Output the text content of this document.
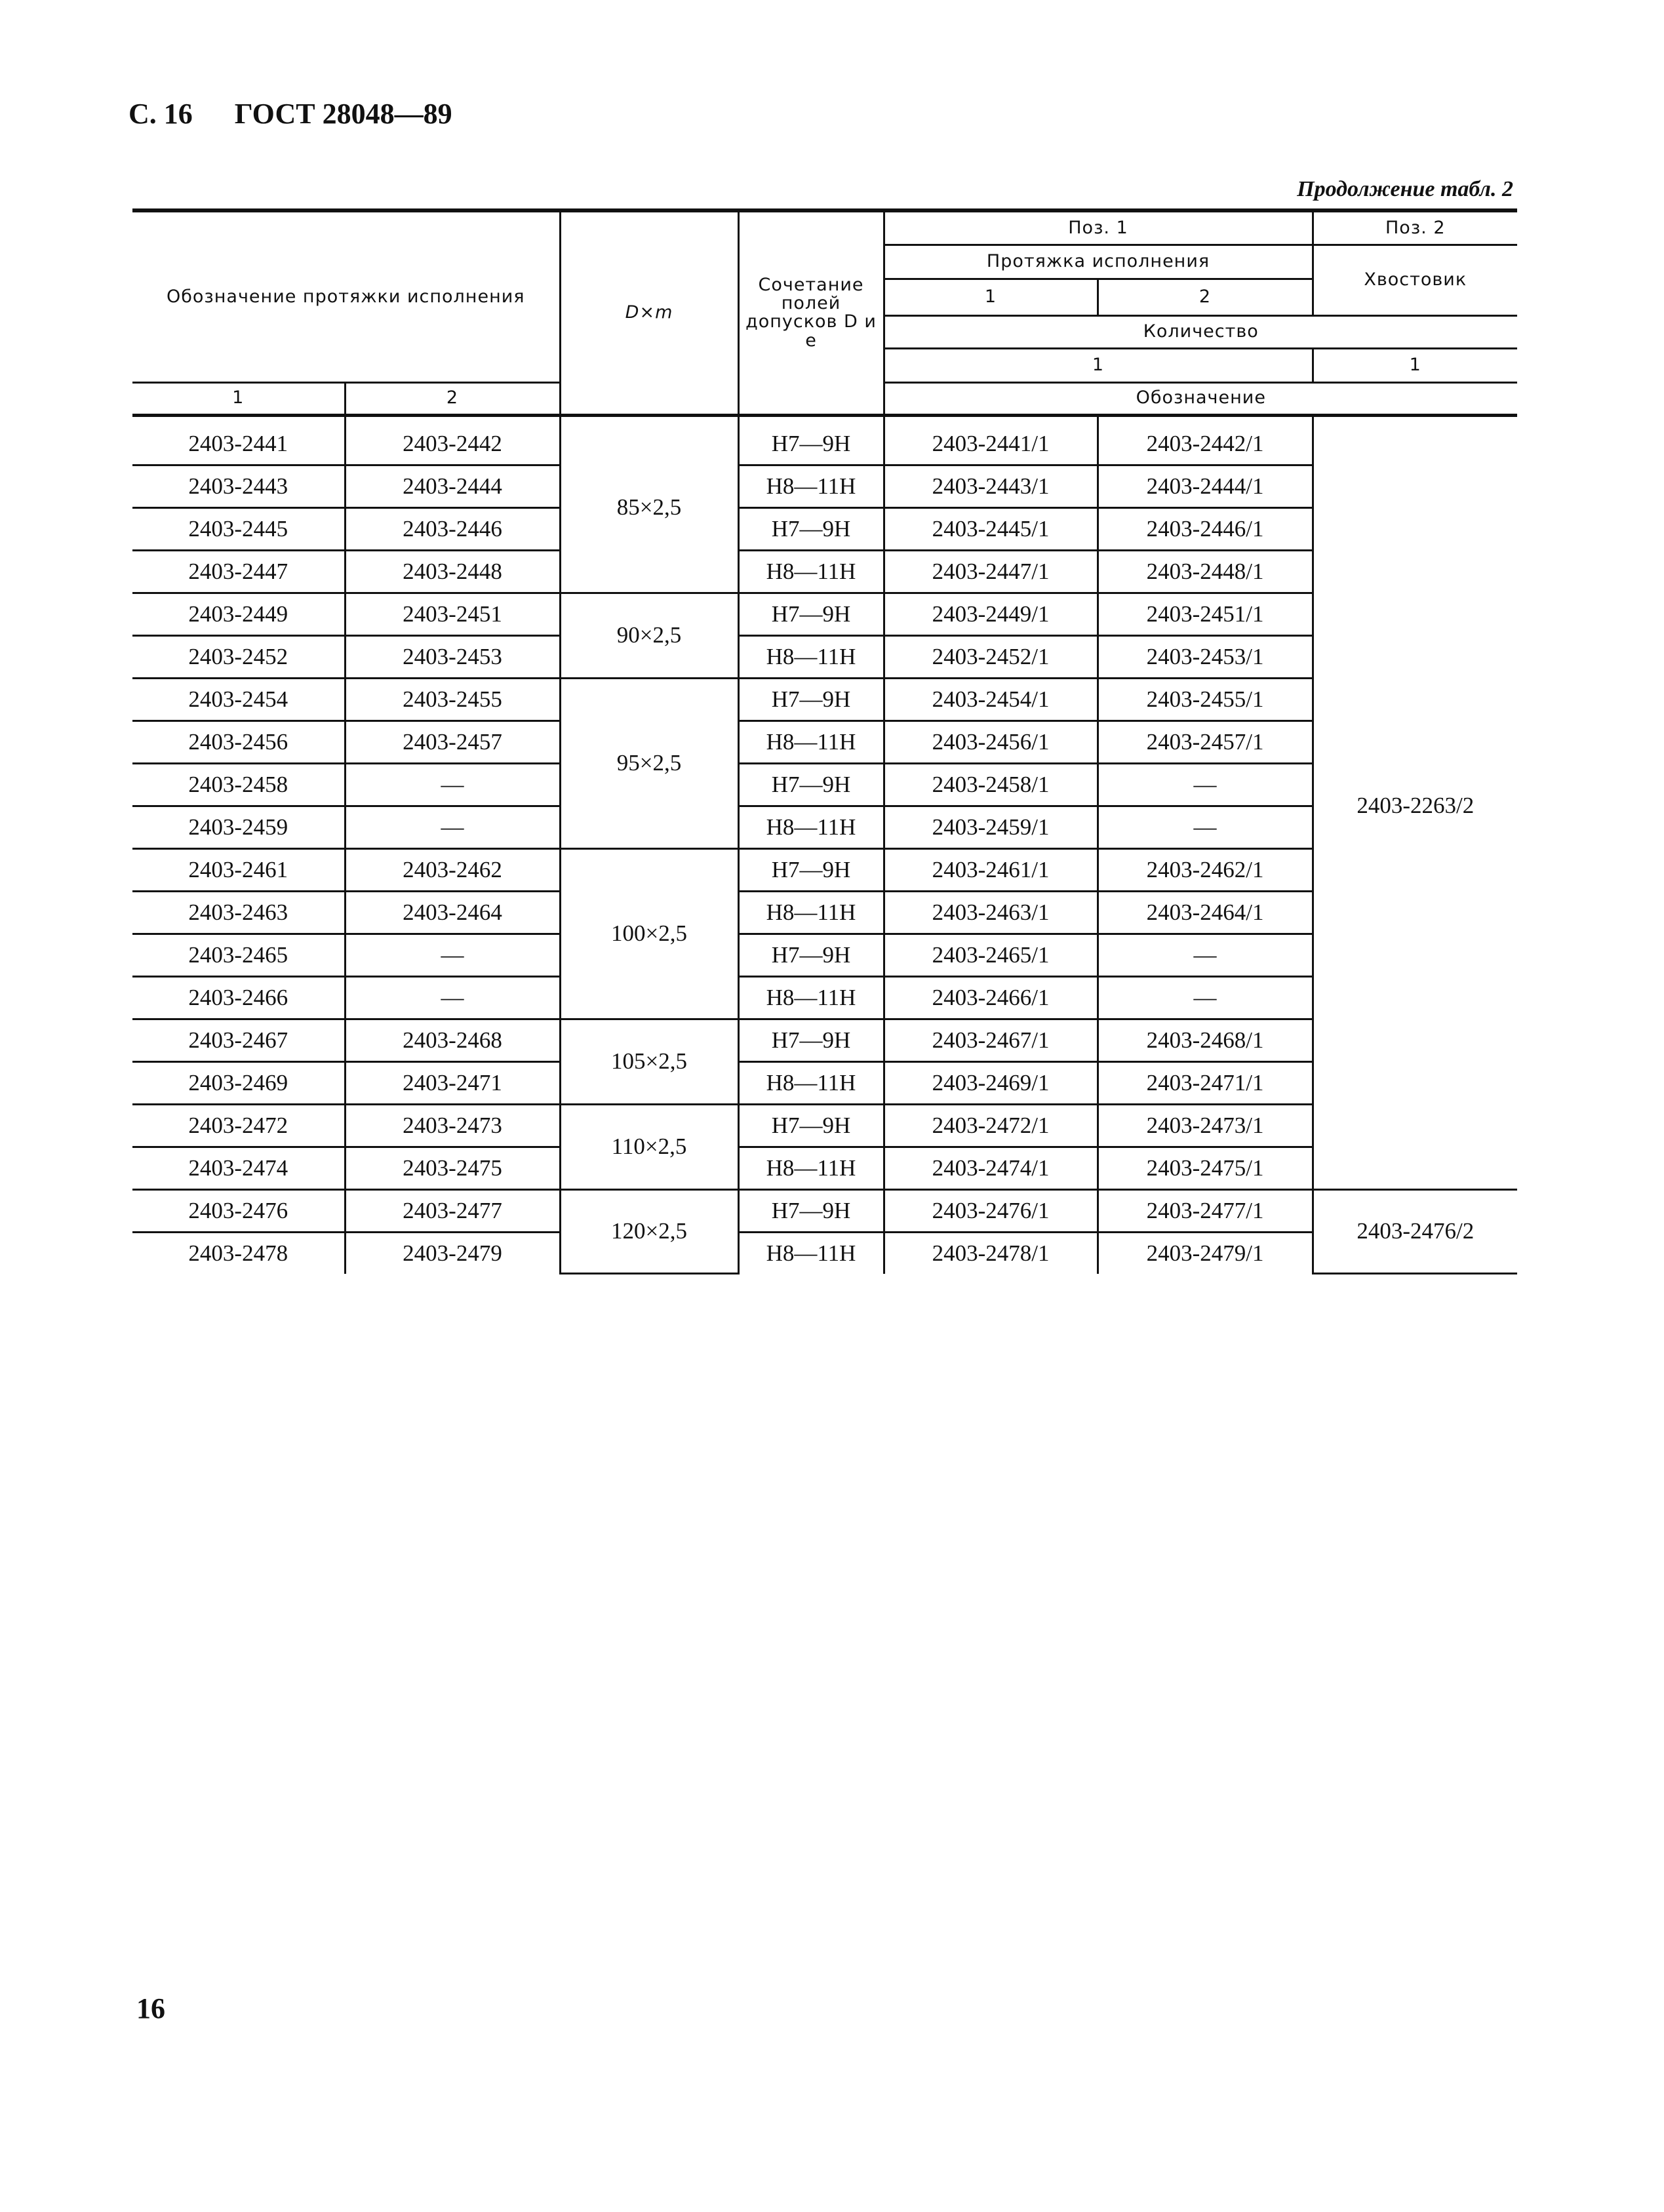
С. 16 ГОСТ 28048—89
Продолжение табл. 2
Обозначение протяжки исполнения		D×m	Сочетание полей допусков D и e	Поз. 1		Поз. 2
				Протяжка исполнения		Хвостовик
				1	2	
				Количество		
				1		1
1	2			Обозначение		
2403-2441	2403-2442	85×2,5	H7—9H	2403-2441/1	2403-2442/1	2403-2263/2
2403-2443	2403-2444		H8—11H	2403-2443/1	2403-2444/1	
2403-2445	2403-2446		H7—9H	2403-2445/1	2403-2446/1	
2403-2447	2403-2448		H8—11H	2403-2447/1	2403-2448/1	
2403-2449	2403-2451	90×2,5	H7—9H	2403-2449/1	2403-2451/1	
2403-2452	2403-2453		H8—11H	2403-2452/1	2403-2453/1	
2403-2454	2403-2455	95×2,5	H7—9H	2403-2454/1	2403-2455/1	
2403-2456	2403-2457		H8—11H	2403-2456/1	2403-2457/1	
2403-2458	—		H7—9H	2403-2458/1	—	
2403-2459	—		H8—11H	2403-2459/1	—	
2403-2461	2403-2462	100×2,5	H7—9H	2403-2461/1	2403-2462/1	
2403-2463	2403-2464		H8—11H	2403-2463/1	2403-2464/1	
2403-2465	—		H7—9H	2403-2465/1	—	
2403-2466	—		H8—11H	2403-2466/1	—	
2403-2467	2403-2468	105×2,5	H7—9H	2403-2467/1	2403-2468/1	
2403-2469	2403-2471		H8—11H	2403-2469/1	2403-2471/1	
2403-2472	2403-2473	110×2,5	H7—9H	2403-2472/1	2403-2473/1	
2403-2474	2403-2475		H8—11H	2403-2474/1	2403-2475/1	
2403-2476	2403-2477	120×2,5	H7—9H	2403-2476/1	2403-2477/1	2403-2476/2
2403-2478	2403-2479		H8—11H	2403-2478/1	2403-2479/1	
16
